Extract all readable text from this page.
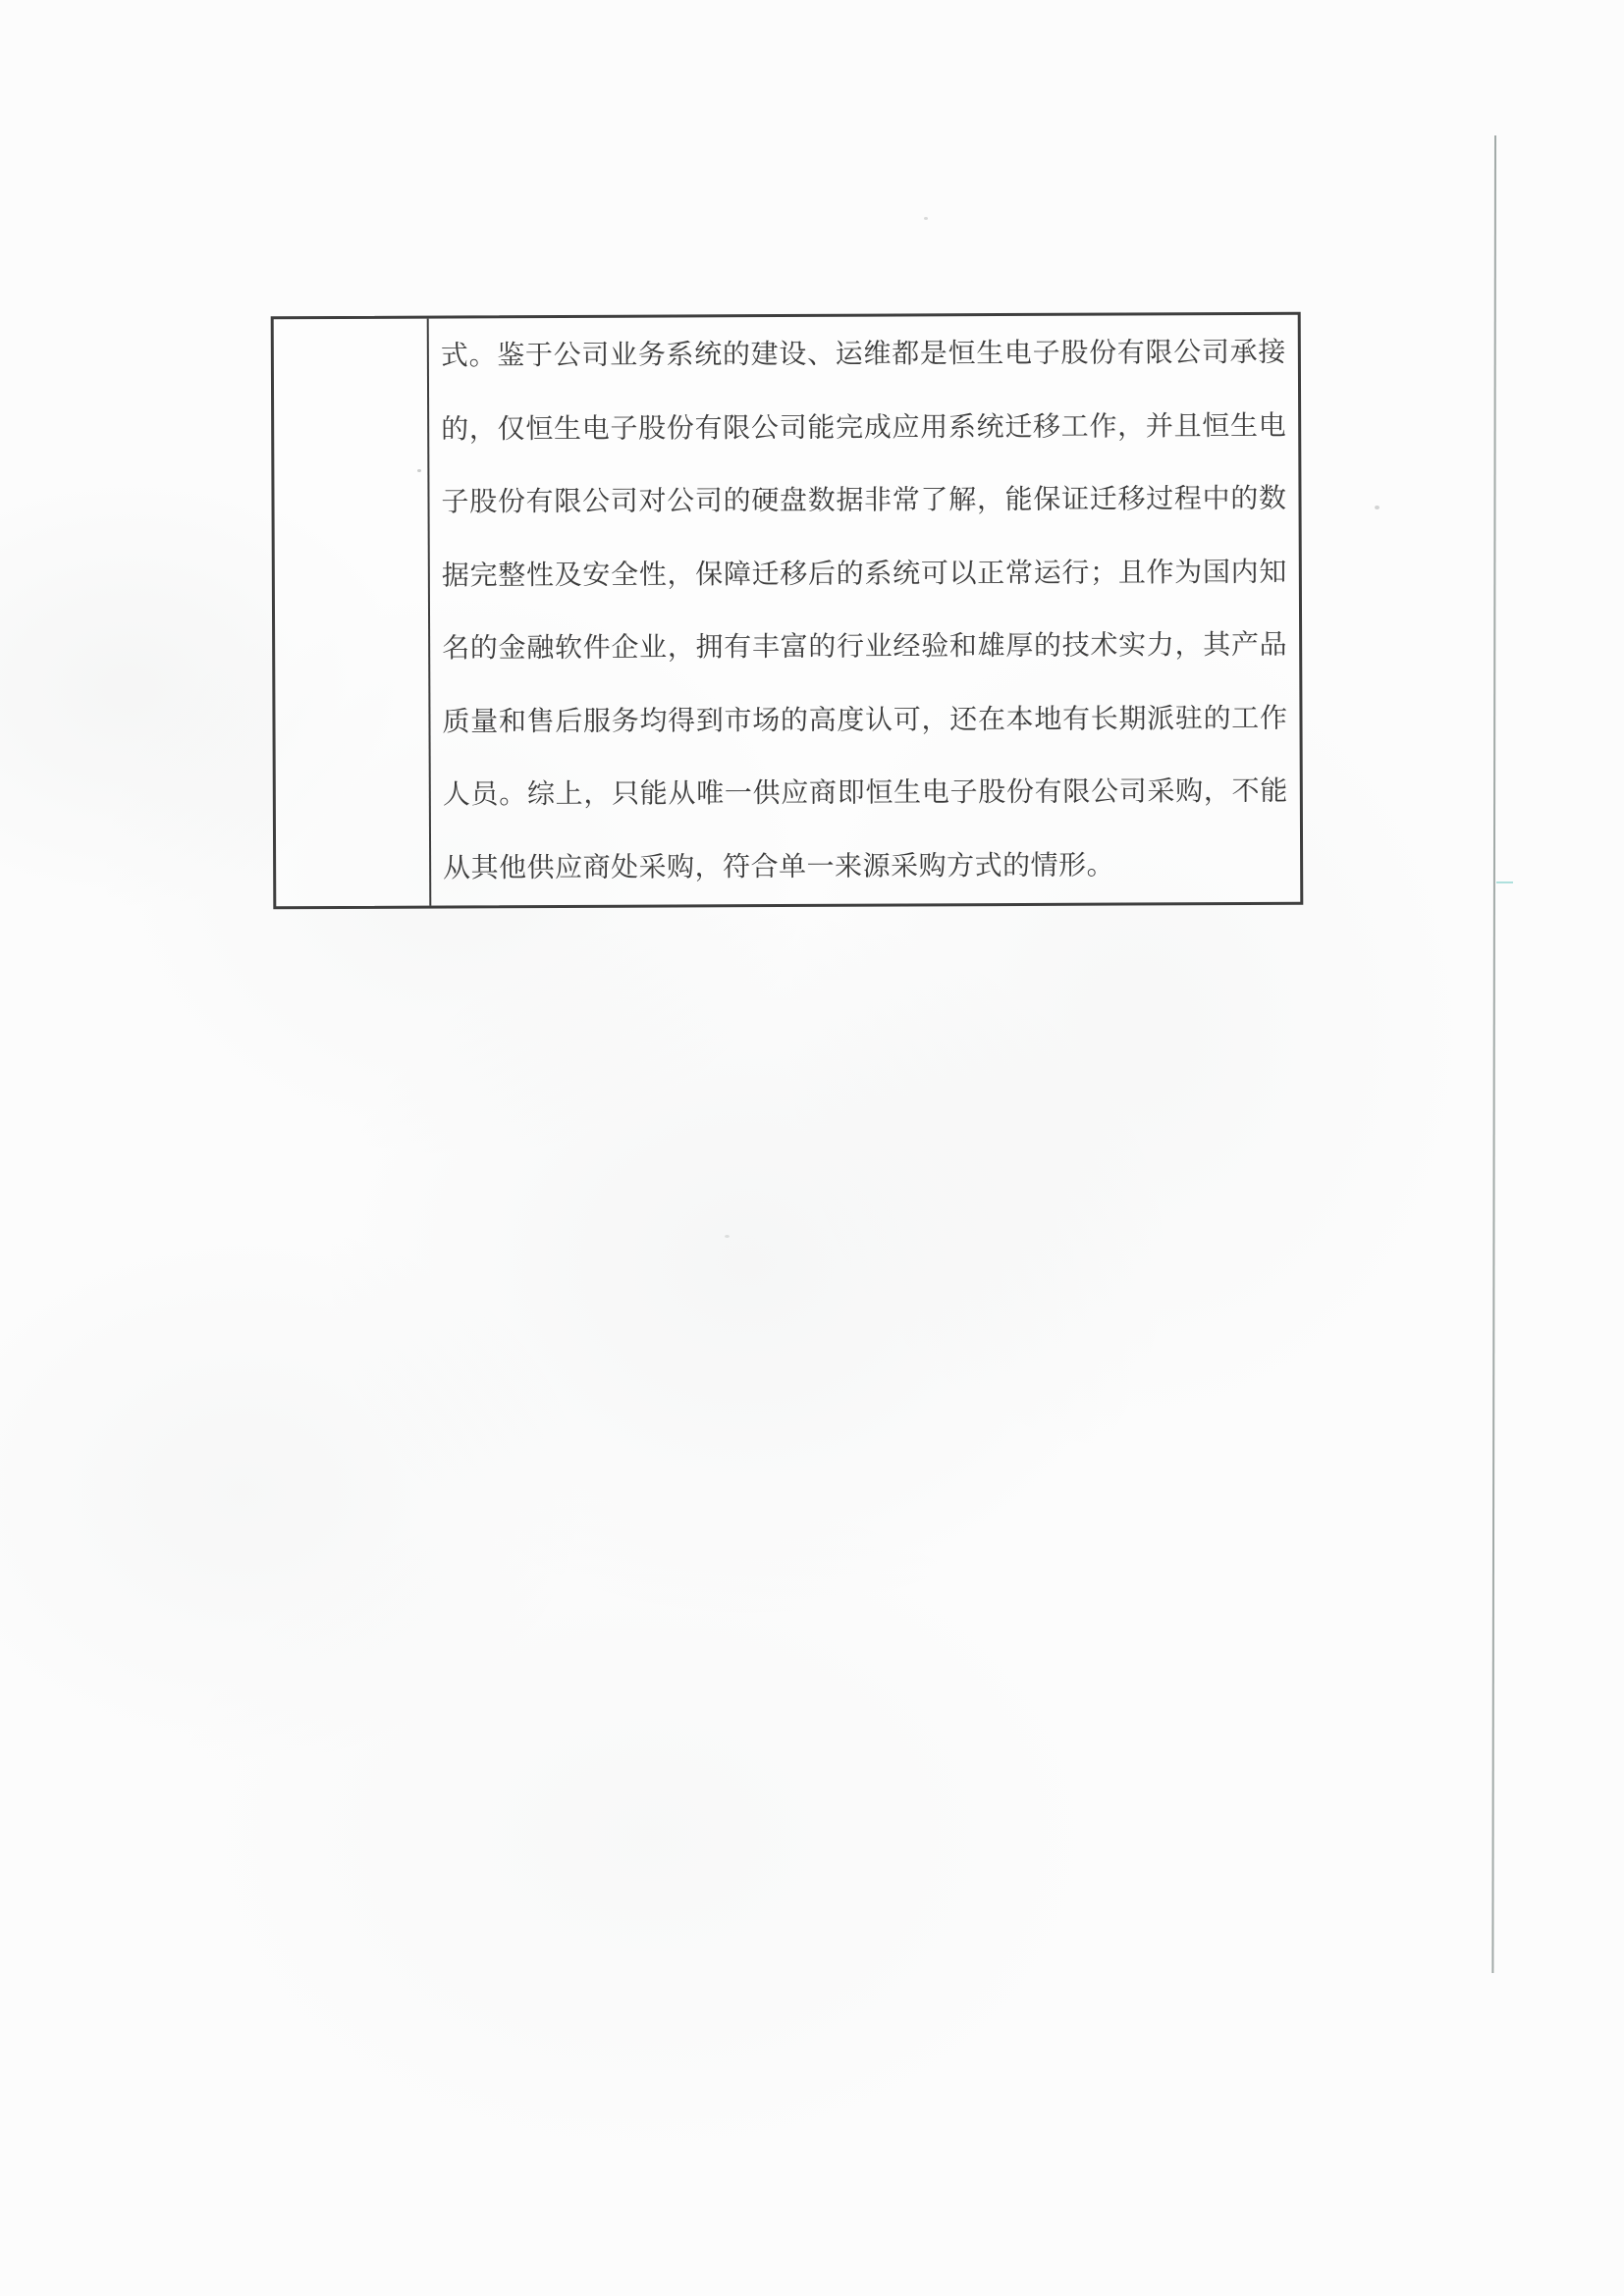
式。鉴于公司业务系统的建设、运维都是恒生电子股份有限公司承接
的，仅恒生电子股份有限公司能完成应用系统迁移工作，并且恒生电
子股份有限公司对公司的硬盘数据非常了解，能保证迁移过程中的数
据完整性及安全性，保障迁移后的系统可以正常运行；且作为国内知
名的金融软件企业，拥有丰富的行业经验和雄厚的技术实力，其产品
质量和售后服务均得到市场的高度认可，还在本地有长期派驻的工作
人员。综上，只能从唯一供应商即恒生电子股份有限公司采购，不能
从其他供应商处采购，符合单一来源采购方式的情形。
